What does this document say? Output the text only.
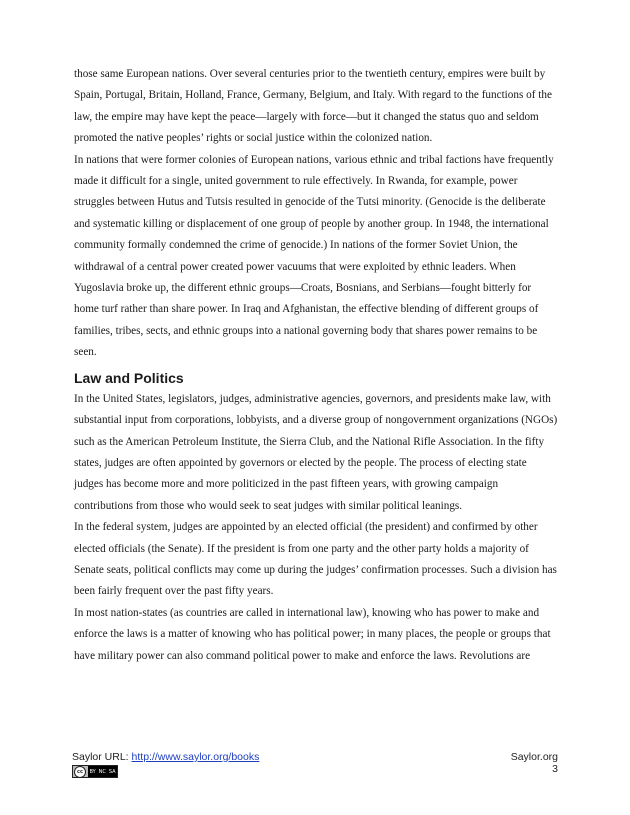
those same European nations. Over several centuries prior to the twentieth century, empires were built by Spain, Portugal, Britain, Holland, France, Germany, Belgium, and Italy. With regard to the functions of the law, the empire may have kept the peace—largely with force—but it changed the status quo and seldom promoted the native peoples’ rights or social justice within the colonized nation.

In nations that were former colonies of European nations, various ethnic and tribal factions have frequently made it difficult for a single, united government to rule effectively. In Rwanda, for example, power struggles between Hutus and Tutsis resulted in genocide of the Tutsi minority. (Genocide is the deliberate and systematic killing or displacement of one group of people by another group. In 1948, the international community formally condemned the crime of genocide.) In nations of the former Soviet Union, the withdrawal of a central power created power vacuums that were exploited by ethnic leaders. When Yugoslavia broke up, the different ethnic groups—Croats, Bosnians, and Serbians—fought bitterly for home turf rather than share power. In Iraq and Afghanistan, the effective blending of different groups of families, tribes, sects, and ethnic groups into a national governing body that shares power remains to be seen.

Law and Politics

In the United States, legislators, judges, administrative agencies, governors, and presidents make law, with substantial input from corporations, lobbyists, and a diverse group of nongovernment organizations (NGOs) such as the American Petroleum Institute, the Sierra Club, and the National Rifle Association. In the fifty states, judges are often appointed by governors or elected by the people. The process of electing state judges has become more and more politicized in the past fifteen years, with growing campaign contributions from those who would seek to seat judges with similar political leanings.

In the federal system, judges are appointed by an elected official (the president) and confirmed by other elected officials (the Senate). If the president is from one party and the other party holds a majority of Senate seats, political conflicts may come up during the judges’ confirmation processes. Such a division has been fairly frequent over the past fifty years.

In most nation-states (as countries are called in international law), knowing who has power to make and enforce the laws is a matter of knowing who has political power; in many places, the people or groups that have military power can also command political power to make and enforce the laws. Revolutions are

Saylor URL: http://www.saylor.org/books	Saylor.org
cc	BY NC SA	3
